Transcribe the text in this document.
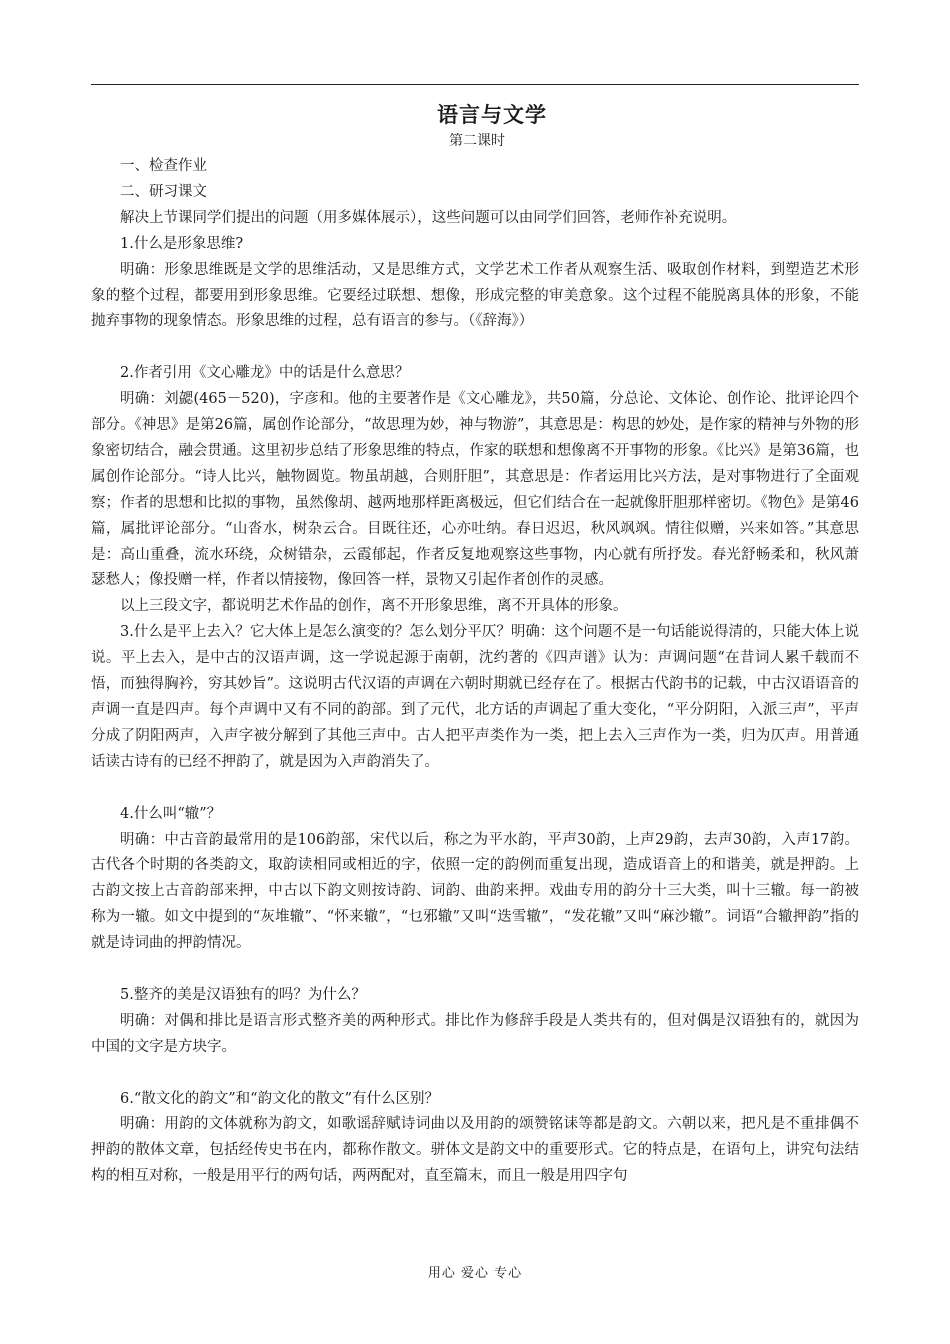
语言与文学
第二课时

一、检查作业

二、研习课文

解决上节课同学们提出的问题（用多媒体展示），这些问题可以由同学们回答，老师作补充说明。

1.什么是形象思维?

明确：形象思维既是文学的思维活动，又是思维方式，文学艺术工作者从观察生活、吸取创作材料，到塑造艺术形象的整个过程，都要用到形象思维。它要经过联想、想像，形成完整的审美意象。这个过程不能脱离具体的形象，不能抛弃事物的现象情态。形象思维的过程，总有语言的参与。（《辞海》）

2.作者引用《文心雕龙》中的话是什么意思？

明确：刘勰(465－520)，字彦和。他的主要著作是《文心雕龙》，共50篇，分总论、文体论、创作论、批评论四个部分。《神思》是第26篇，属创作论部分，“故思理为妙，神与物游”，其意思是：构思的妙处，是作家的精神与外物的形象密切结合，融会贯通。这里初步总结了形象思维的特点，作家的联想和想像离不开事物的形象。《比兴》是第36篇，也属创作论部分。“诗人比兴，触物圆览。物虽胡越，合则肝胆”，其意思是：作者运用比兴方法，是对事物进行了全面观察；作者的思想和比拟的事物，虽然像胡、越两地那样距离极远，但它们结合在一起就像肝胆那样密切。《物色》是第46篇，属批评论部分。“山沓水，树杂云合。目既往还，心亦吐纳。春日迟迟，秋风飒飒。情往似赠，兴来如答。”其意思是：高山重叠，流水环绕，众树错杂，云霞郁起，作者反复地观察这些事物，内心就有所抒发。春光舒畅柔和，秋风萧瑟愁人；像投赠一样，作者以情接物，像回答一样，景物又引起作者创作的灵感。

以上三段文字，都说明艺术作品的创作，离不开形象思维，离不开具体的形象。

3.什么是平上去入？它大体上是怎么演变的？怎么划分平仄？明确：这个问题不是一句话能说得清的，只能大体上说说。平上去入，是中古的汉语声调，这一学说起源于南朝，沈约著的《四声谱》认为：声调问题“在昔词人累千载而不悟，而独得胸衿，穷其妙旨”。这说明古代汉语的声调在六朝时期就已经存在了。根据古代韵书的记载，中古汉语语音的声调一直是四声。每个声调中又有不同的韵部。到了元代，北方话的声调起了重大变化，“平分阴阳，入派三声”，平声分成了阴阳两声，入声字被分解到了其他三声中。古人把平声类作为一类，把上去入三声作为一类，归为仄声。用普通话读古诗有的已经不押韵了，就是因为入声韵消失了。

4.什么叫“辙”？

明确：中古音韵最常用的是106韵部，宋代以后，称之为平水韵，平声30韵，上声29韵，去声30韵，入声17韵。古代各个时期的各类韵文，取韵读相同或相近的字，依照一定的韵例而重复出现，造成语音上的和谐美，就是押韵。上古韵文按上古音韵部来押，中古以下韵文则按诗韵、词韵、曲韵来押。戏曲专用的韵分十三大类，叫十三辙。每一韵被称为一辙。如文中提到的“灰堆辙”、“怀来辙”，“乜邪辙”又叫“迭雪辙”，“发花辙”又叫“麻沙辙”。词语“合辙押韵”指的就是诗词曲的押韵情况。

5.整齐的美是汉语独有的吗？为什么？

明确：对偶和排比是语言形式整齐美的两种形式。排比作为修辞手段是人类共有的，但对偶是汉语独有的，就因为中国的文字是方块字。

6.“散文化的韵文”和“韵文化的散文”有什么区别？

明确：用韵的文体就称为韵文，如歌谣辞赋诗词曲以及用韵的颂赞铭诔等都是韵文。六朝以来，把凡是不重排偶不押韵的散体文章，包括经传史书在内，都称作散文。骈体文是韵文中的重要形式。它的特点是，在语句上，讲究句法结构的相互对称，一般是用平行的两句话，两两配对，直至篇末，而且一般是用四字句

用心 爱心 专心
